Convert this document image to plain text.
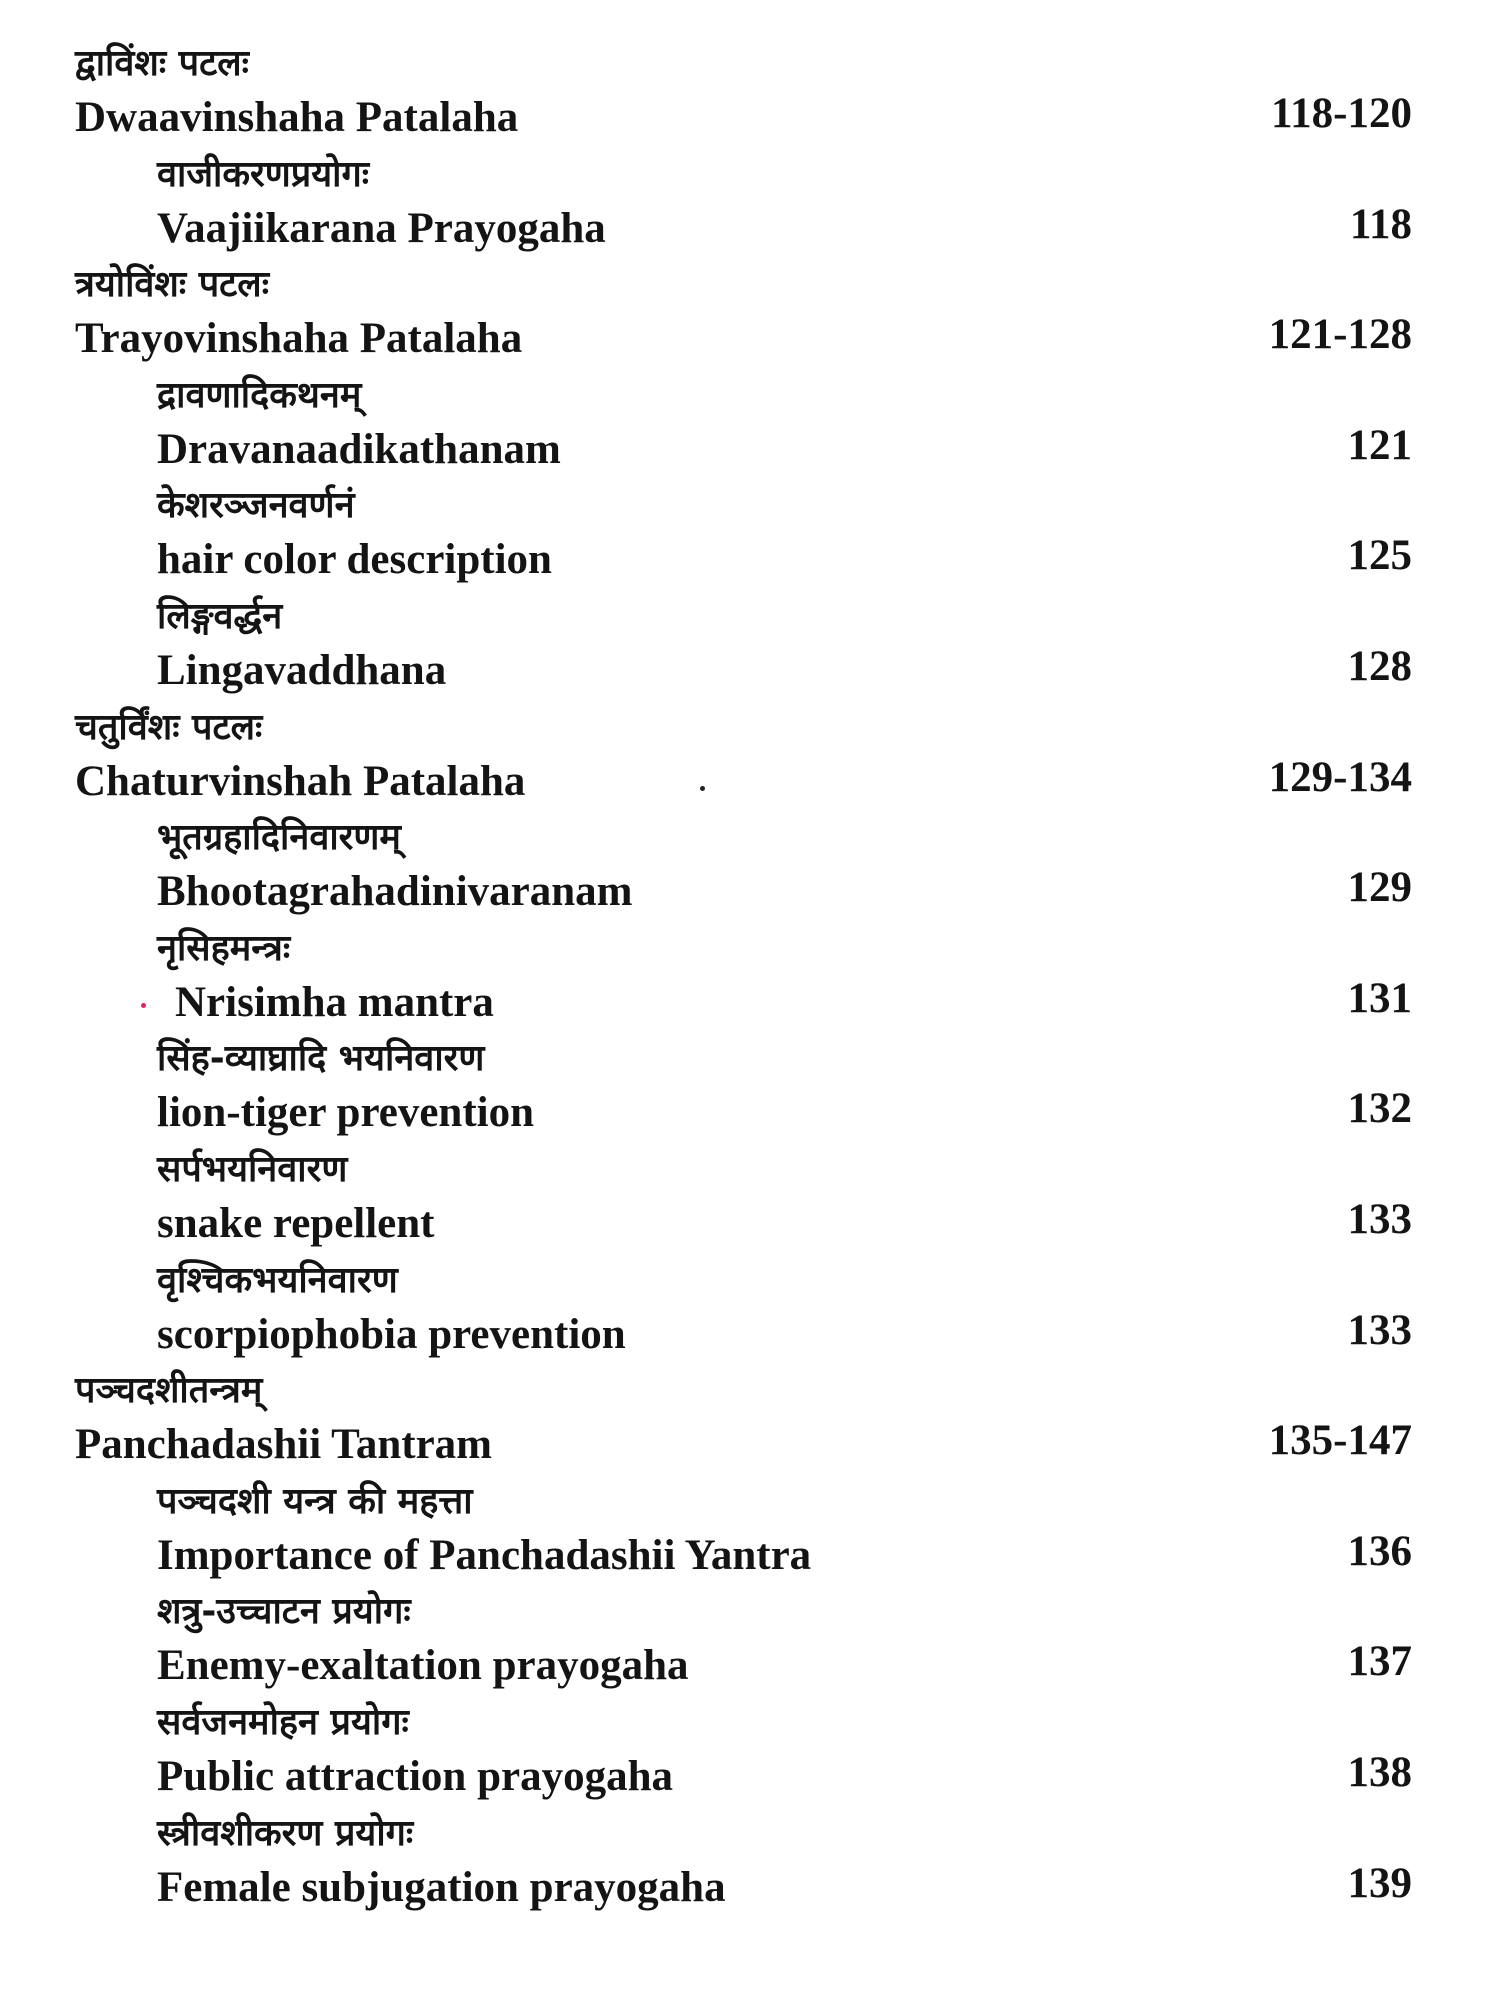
द्वाविंशः पटलः
Dwaavinshaha Patalaha	118-120
वाजीकरणप्रयोगः
Vaajiikarana Prayogaha	118
त्रयोविंशः पटलः
Trayovinshaha Patalaha	121-128
द्रावणादिकथनम्
Dravanaadikathanam	121
केशरञ्जनवर्णनं
hair color description	125
लिङ्गवर्द्धन
Lingavaddhana	128
चतुर्विंशः पटलः
Chaturvinshah Patalaha	129-134
भूतग्रहादिनिवारणम्
Bhootagrahadinivaranam	129
नृसिहमन्त्रः
Nrisimha mantra	131
सिंह-व्याघ्रादि भयनिवारण
lion-tiger prevention	132
सर्पभयनिवारण
snake repellent	133
वृश्चिकभयनिवारण
scorpiophobia prevention	133
पञ्चदशीतन्त्रम्
Panchadashii Tantram	135-147
पञ्चदशी यन्त्र की महत्ता
Importance of Panchadashii Yantra	136
शत्रु-उच्चाटन प्रयोगः
Enemy-exaltation prayogaha	137
सर्वजनमोहन प्रयोगः
Public attraction prayogaha	138
स्त्रीवशीकरण प्रयोगः
Female subjugation prayogaha	139
